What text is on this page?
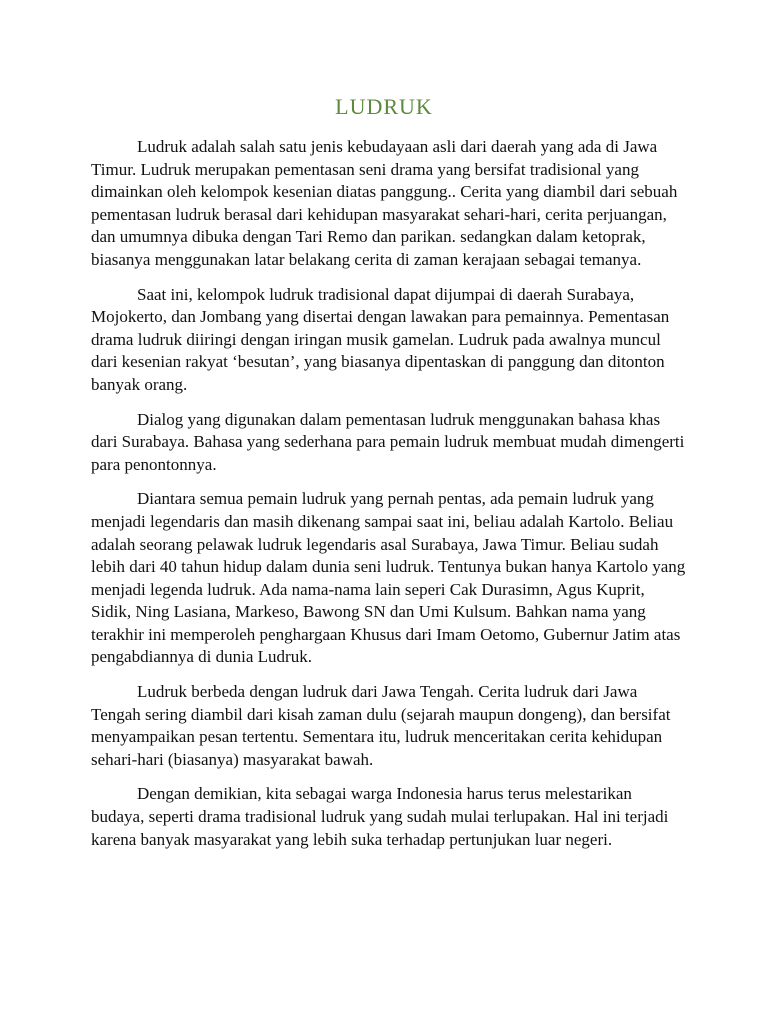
LUDRUK

Ludruk adalah salah satu jenis kebudayaan asli dari daerah yang ada di Jawa Timur. Ludruk merupakan pementasan seni drama yang bersifat tradisional yang dimainkan oleh kelompok kesenian diatas panggung.. Cerita yang diambil dari sebuah pementasan ludruk berasal dari kehidupan masyarakat sehari-hari, cerita perjuangan, dan umumnya dibuka dengan Tari Remo dan parikan. sedangkan dalam ketoprak, biasanya menggunakan latar belakang cerita di zaman kerajaan sebagai temanya.

Saat ini, kelompok ludruk tradisional dapat dijumpai di daerah Surabaya, Mojokerto, dan Jombang yang disertai dengan lawakan para pemainnya. Pementasan drama ludruk diiringi dengan iringan musik gamelan. Ludruk pada awalnya muncul dari kesenian rakyat ‘besutan’, yang biasanya dipentaskan di panggung dan ditonton banyak orang.

Dialog yang digunakan dalam pementasan ludruk menggunakan bahasa khas dari Surabaya. Bahasa yang sederhana para pemain ludruk membuat mudah dimengerti para penontonnya.

Diantara semua pemain ludruk yang pernah pentas, ada pemain ludruk yang menjadi legendaris dan masih dikenang sampai saat ini, beliau adalah Kartolo. Beliau adalah seorang pelawak ludruk legendaris asal Surabaya, Jawa Timur. Beliau sudah lebih dari 40 tahun hidup dalam dunia seni ludruk. Tentunya bukan hanya Kartolo yang menjadi legenda ludruk. Ada nama-nama lain seperi Cak Durasimn, Agus Kuprit, Sidik, Ning Lasiana, Markeso, Bawong SN dan Umi Kulsum. Bahkan nama yang terakhir ini memperoleh penghargaan Khusus dari Imam Oetomo, Gubernur Jatim atas pengabdiannya di dunia Ludruk.

Ludruk berbeda dengan ludruk dari Jawa Tengah. Cerita ludruk dari Jawa Tengah sering diambil dari kisah zaman dulu (sejarah maupun dongeng), dan bersifat menyampaikan pesan tertentu. Sementara itu, ludruk menceritakan cerita kehidupan sehari-hari (biasanya) masyarakat bawah.

Dengan demikian, kita sebagai warga Indonesia harus terus melestarikan budaya, seperti drama tradisional ludruk yang sudah mulai terlupakan. Hal ini terjadi karena banyak masyarakat yang lebih suka terhadap pertunjukan luar negeri.
